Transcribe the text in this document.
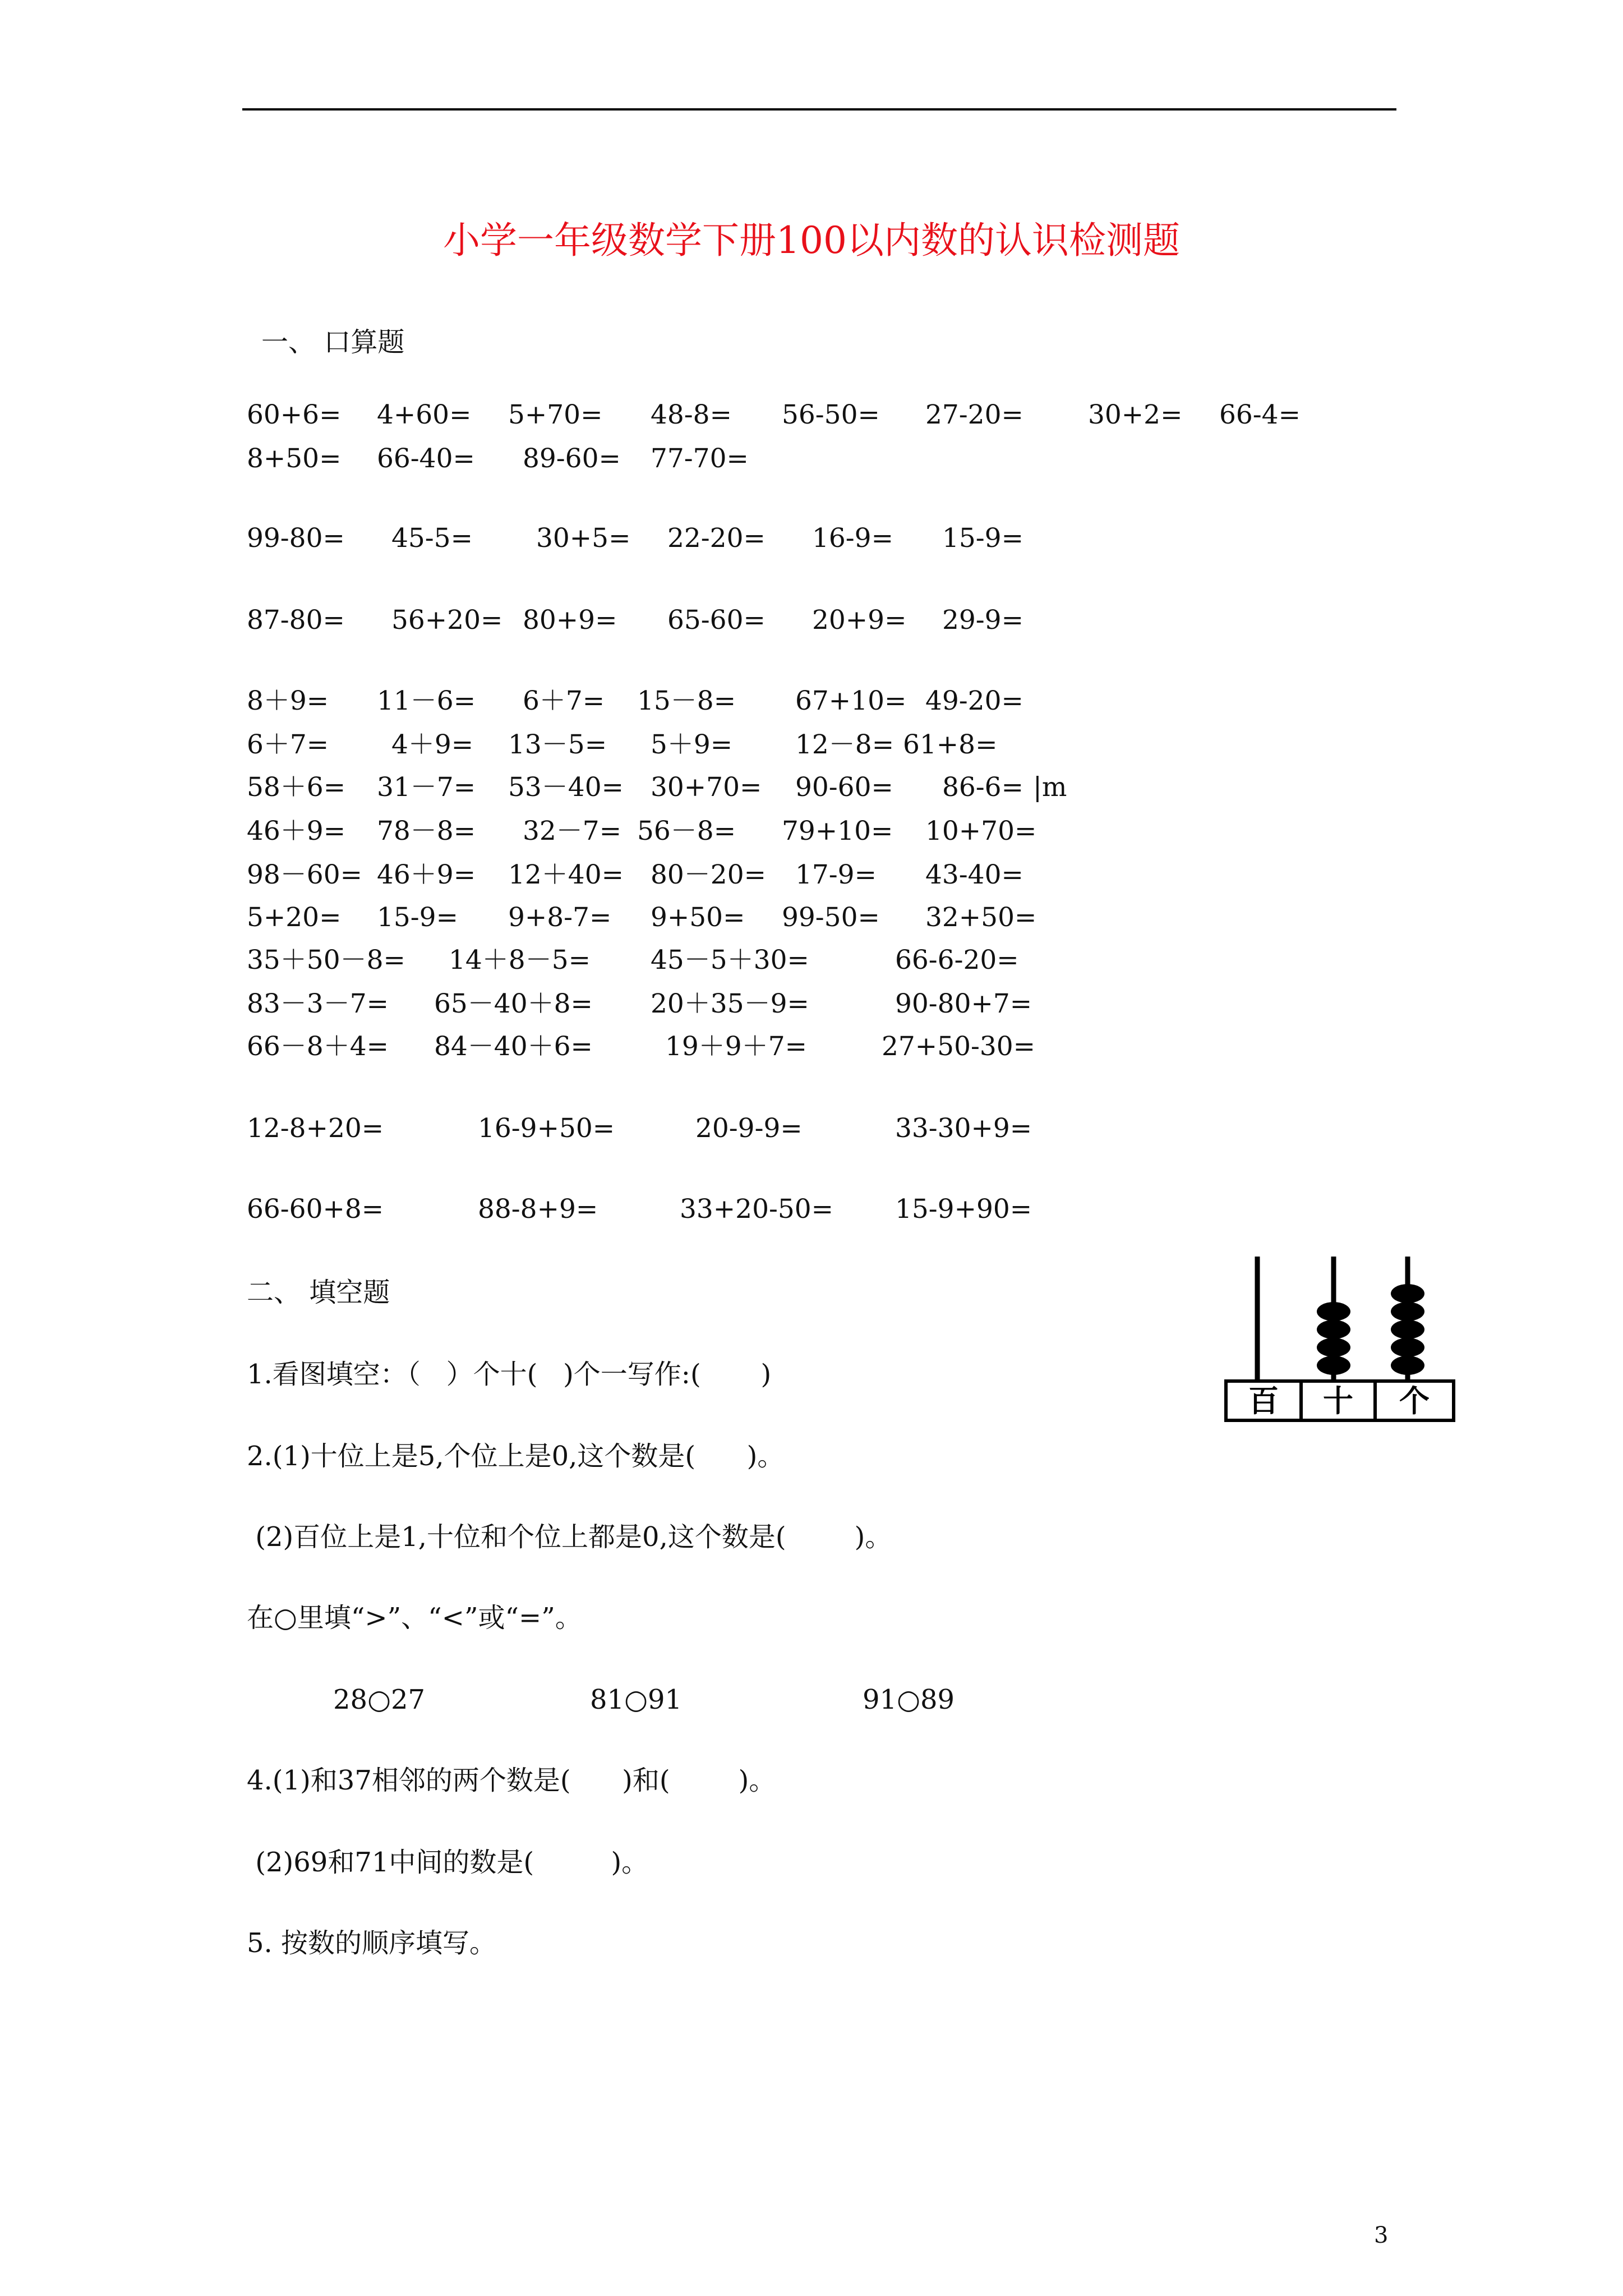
小学一年级数学下册100以内数的认识检测题
一、 口算题
60+6= 4+60= 5+70= 48-8= 56-50= 27-20= 30+2= 66-4=
8+50= 66-40= 89-60= 77-70=
99-80= 45-5= 30+5= 22-20= 16-9= 15-9=
87-80= 56+20= 80+9= 65-60= 20+9= 29-9=
8＋9= 11－6= 6＋7= 15－8= 67+10= 49-20=
6＋7= 4＋9= 13－5= 5＋9= 12－8= 61+8=
58＋6= 31－7= 53－40= 30+70= 90-60= 86-6= |m
46＋9= 78－8= 32－7= 56－8= 79+10= 10+70=
98－60= 46＋9= 12＋40= 80－20= 17-9= 43-40=
5+20= 15-9= 9+8-7= 9+50= 99-50= 32+50=
35＋50－8= 14＋8－5= 45－5＋30=	66-6-20=
83－3－7= 65－40＋8= 20＋35－9=	90-80+7=
66－8＋4= 84－40＋6=	19＋9＋7=	27+50-30=
12-8+20=	16-9+50=	20-9-9=	33-30+9=
66-60+8=	88-8+9=	33+20-50= 15-9+90=
二、 填空题
1.看图填空：（   ）个十(   )个一写作:(       )
2.(1)十位上是5,个位上是0,这个数是(      )。
(2)百位上是1,十位和个位上都是0,这个数是(        )。
在○里填“>”、“<”或“=”。
28○27	81○91	91○89
4.(1)和37相邻的两个数是(      )和(        )。
(2)69和71中间的数是(         )。
5. 按数的顺序填写。
百 十 个
3
